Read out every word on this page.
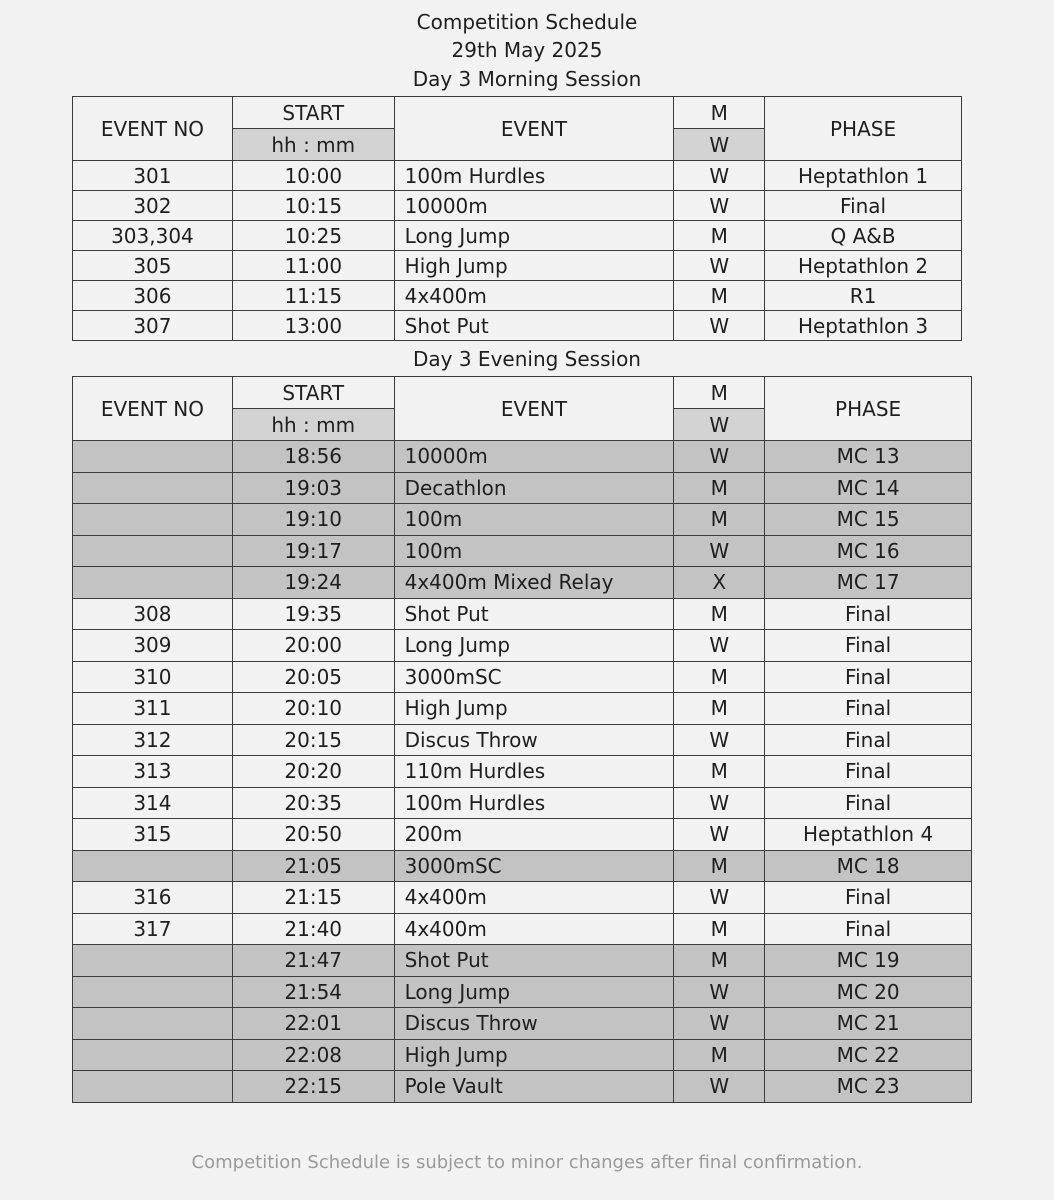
Competition Schedule
29th May 2025
Day 3 Morning Session
EVENT NO	START	EVENT	M	PHASE
	hh : mm		W	
301	10:00	100m Hurdles	W	Heptathlon 1
302	10:15	10000m	W	Final
303,304	10:25	Long Jump	M	Q A&B
305	11:00	High Jump	W	Heptathlon 2
306	11:15	4x400m	M	R1
307	13:00	Shot Put	W	Heptathlon 3
Day 3 Evening Session
EVENT NO	START	EVENT	M	PHASE
	hh : mm		W	
	18:56	10000m	W	MC 13
	19:03	Decathlon	M	MC 14
	19:10	100m	M	MC 15
	19:17	100m	W	MC 16
	19:24	4x400m Mixed Relay	X	MC 17
308	19:35	Shot Put	M	Final
309	20:00	Long Jump	W	Final
310	20:05	3000mSC	M	Final
311	20:10	High Jump	M	Final
312	20:15	Discus Throw	W	Final
313	20:20	110m Hurdles	M	Final
314	20:35	100m Hurdles	W	Final
315	20:50	200m	W	Heptathlon 4
	21:05	3000mSC	M	MC 18
316	21:15	4x400m	W	Final
317	21:40	4x400m	M	Final
	21:47	Shot Put	M	MC 19
	21:54	Long Jump	W	MC 20
	22:01	Discus Throw	W	MC 21
	22:08	High Jump	M	MC 22
	22:15	Pole Vault	W	MC 23
Competition Schedule is subject to minor changes after final confirmation.
